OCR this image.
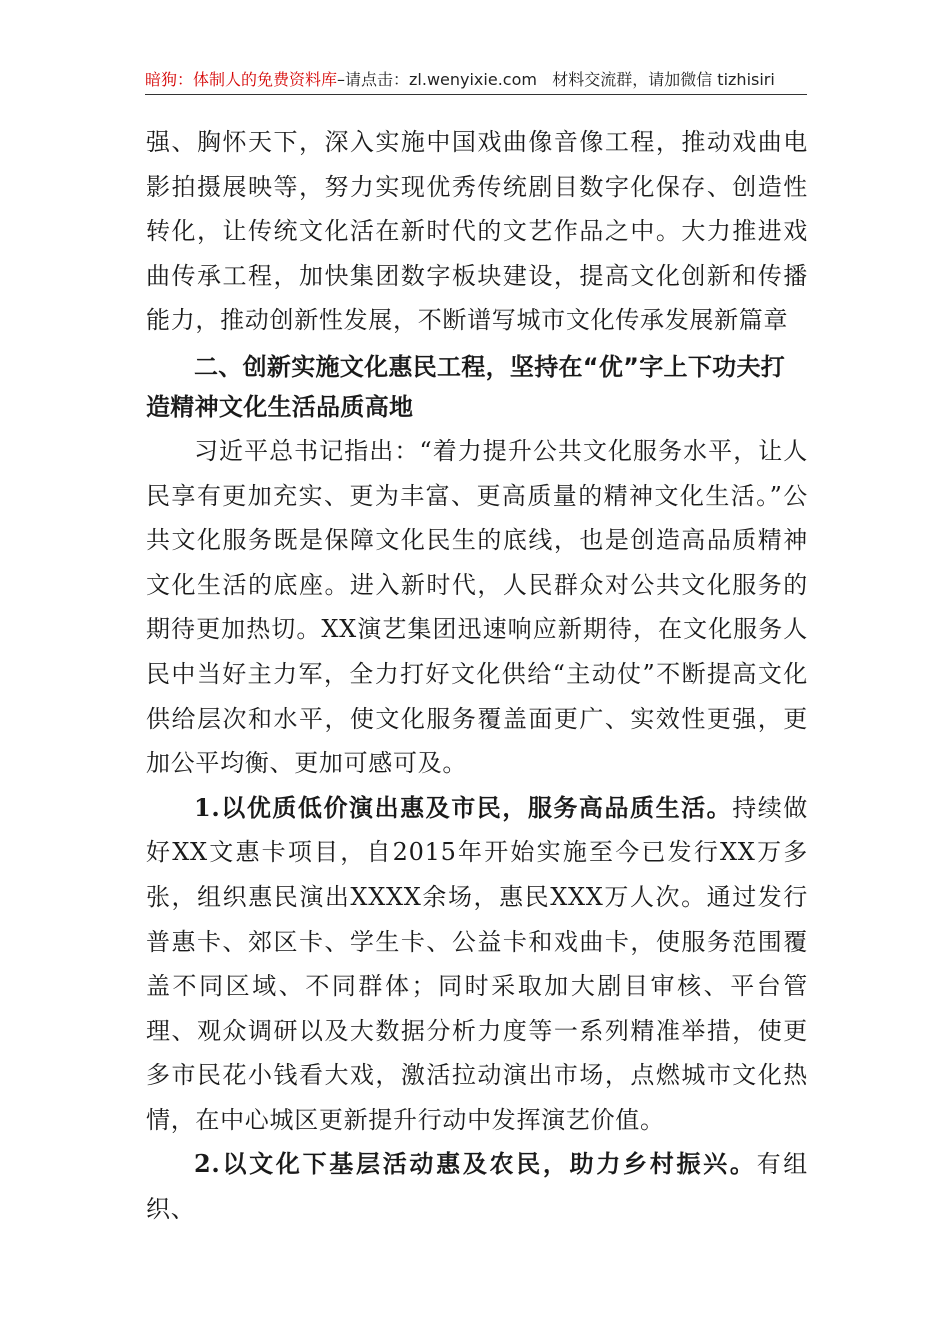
暗狗：体制人的免费资料库–请点击：zl.wenyixie.com 材料交流群，请加微信 tizhisiri

强、胸怀天下，深入实施中国戏曲像音像工程，推动戏曲电影拍摄展映等，努力实现优秀传统剧目数字化保存、创造性转化，让传统文化活在新时代的文艺作品之中。大力推进戏曲传承工程，加快集团数字板块建设，提高文化创新和传播能力，推动创新性发展，不断谱写城市文化传承发展新篇章

二、创新实施文化惠民工程，坚持在“优”字上下功夫打造精神文化生活品质高地

习近平总书记指出：“着力提升公共文化服务水平，让人民享有更加充实、更为丰富、更高质量的精神文化生活。”公共文化服务既是保障文化民生的底线，也是创造高品质精神文化生活的底座。进入新时代，人民群众对公共文化服务的期待更加热切。XX演艺集团迅速响应新期待，在文化服务人民中当好主力军，全力打好文化供给“主动仗”不断提高文化供给层次和水平，使文化服务覆盖面更广、实效性更强，更加公平均衡、更加可感可及。

1.以优质低价演出惠及市民，服务高品质生活。持续做好XX文惠卡项目，自2015年开始实施至今已发行XX万多张，组织惠民演出XXXX余场，惠民XXX万人次。通过发行普惠卡、郊区卡、学生卡、公益卡和戏曲卡，使服务范围覆盖不同区域、不同群体；同时采取加大剧目审核、平台管理、观众调研以及大数据分析力度等一系列精准举措，使更多市民花小钱看大戏，激活拉动演出市场，点燃城市文化热情，在中心城区更新提升行动中发挥演艺价值。

2.以文化下基层活动惠及农民，助力乡村振兴。有组织、
